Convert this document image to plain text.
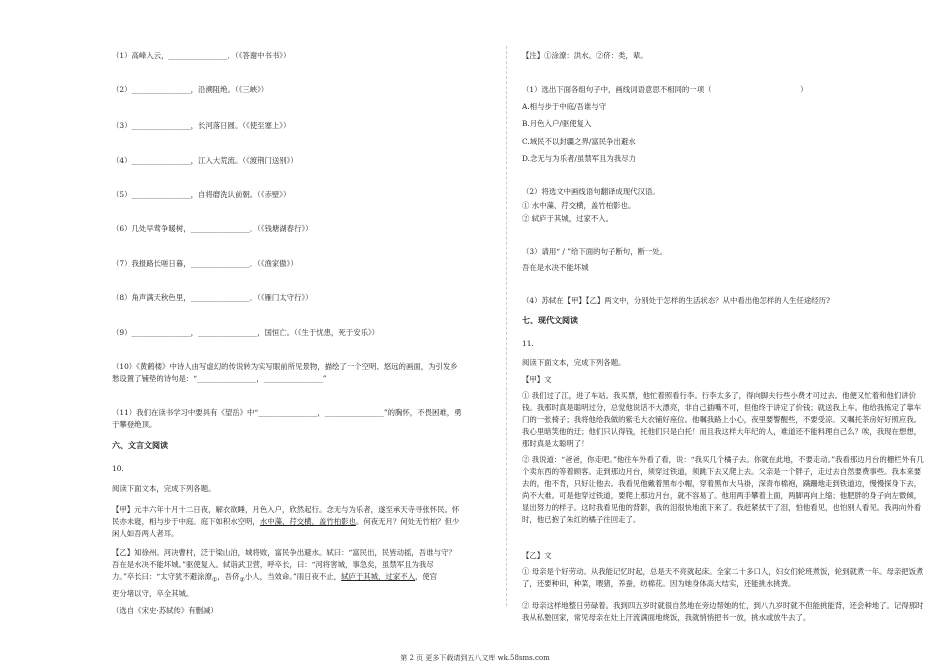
（1）高峰入云，________________．（《答谢中书书》）
（2）________________，沿溯阻绝。（《三峡》）
（3）________________，长河落日圆。（《使至塞上》）
（4）________________，江入大荒流。（《渡荆门送别》）
（5）________________，自将磨洗认前朝。（《赤壁》）
（6）几处早莺争暖树，________________．（《钱塘湖春行》）
（7）我报路长嗟日暮，________________．（《渔家傲》）
（8）角声满天秋色里，________________．（《雁门太守行》）
（9）________________，________________，国恒亡。（《生于忧患，死于安乐》）
（10）《黄鹤楼》中诗人由写虚幻的传说转为实写眼前所见景物，描绘了一个空明、悠远的画面，为引发乡
愁设置了铺垫的诗句是：“________________，________________”
（11）我们在读书学习中要具有《望岳》中“________________，________________”的胸怀，不畏困难，勇
于攀登绝顶。
六、文言文阅读
10.
阅读下面文本，完成下列各题。
【甲】元丰六年十月十二日夜，解衣欲睡，月色入户，欣然起行。念无与为乐者，遂至承天寺寻张怀民。怀
民亦未寝，相与步于中庭。庭下如积水空明，水中藻、荇交横，盖竹柏影也。何夜无月？何处无竹柏？但少
闲人如吾两人者耳。
【乙】知徐州。河决曹村，泛于梁山泊，城将败，富民争出避水。轼曰：“富民出，民皆动摇，吾谁与守？
吾在是水决不能坏城。”驱使复入。轼诣武卫营，呼卒长，曰：“河将害城，事急矣，虽禁军且为我尽
力。”卒长曰：“太守犹不避涂潦$_①$，吾侪$_②$小人，当效命。”雨日夜不止，轼庐于其城，过家不入，使官
吏分堵以守，卒全其城。
（选自《宋史·苏轼传》有删减）
【注】①涂潦：洪水。②侪：类，辈。
（1）选出下面各组句子中，画线词语意思不相同的一项（　　　　　　　　　　　　）
A.相与步于中庭/吾谁与守
B.月色入户/驱使复入
C.域民不以封疆之界/富民争出避水
D.念无与为乐者/虽禁军且为我尽力
（2）将选文中画线语句翻译成现代汉语。
① 水中藻、荇交横，盖竹柏影也。
② 轼庐于其城，过家不入。
（3）请用“ / ”给下面的句子断句，断一处。
吾在是水决不能坏城
（4）苏轼在【甲】【乙】两文中，分别处于怎样的生活状态？从中看出他怎样的人生任途经历?
七、现代文阅读
11.
阅读下面文本，完成下列各题。
【甲】文
① 我们过了江，进了车站。我买票，他忙着照看行李。行李太多了，得向脚夫行些小费才可过去。他便又忙着和他们讲价钱。我那时真是聪明过分，总觉他说话不大漂亮，非自己插嘴不可，但他终于讲定了价钱；就送我上车。他给我拣定了靠车门的一张椅子；我将他给我做的紫毛大衣铺好座位。他嘱我路上小心，夜里要警醒些，不要受凉。又嘱托茶房好好照应我。我心里暗笑他的迂；他们只认得钱，托他们只是白托！而且我这样大年纪的人，难道还不能料理自己么？唉，我现在想想，那时真是太聪明了！
② 我说道：“爸爸，你走吧。”他往车外看了看，说：“我买几个橘子去。你就在此地，不要走动。”我看那边月台的栅栏外有几个卖东西的等着顾客。走到那边月台，须穿过铁道，须跳下去又爬上去。父亲是一个胖子，走过去自然要费事些。我本来要去的，他不肯，只好让他去。我看见他戴着黑布小帽，穿着黑布大马褂，深青布棉袍，蹒跚地走到铁道边，慢慢探身下去，尚不大难。可是他穿过铁道，要爬上那边月台，就不容易了。他用两手攀着上面，两脚再向上缩；他肥胖的身子向左微倾，显出努力的样子。这时我看见他的背影，我的泪很快地流下来了。我赶紧拭干了泪，怕他看见，也怕别人看见。我再向外看时，他已抱了朱红的橘子往回走了。
【乙】文
① 母亲是个好劳动。从我能记忆时起，总是天不亮就起床。全家二十多口人，妇女们轮班煮饭，轮到就煮一年。母亲把饭煮了，还要种田，种菜，喂猪，养蚕，纺棉花。因为她身体高大结实，还能挑水挑粪。
② 母亲这样地整日劳碌着。我到四五岁时就很自然地在旁边帮她的忙，到八九岁时就不但能挑能背，还会种地了。记得那时我从私塾回家，常见母亲在灶上汗流满面地烧饭，我就悄悄把书一放，挑水或放牛去了。
第 2 页 更多下载请到五八文库 wk.58sms.com
